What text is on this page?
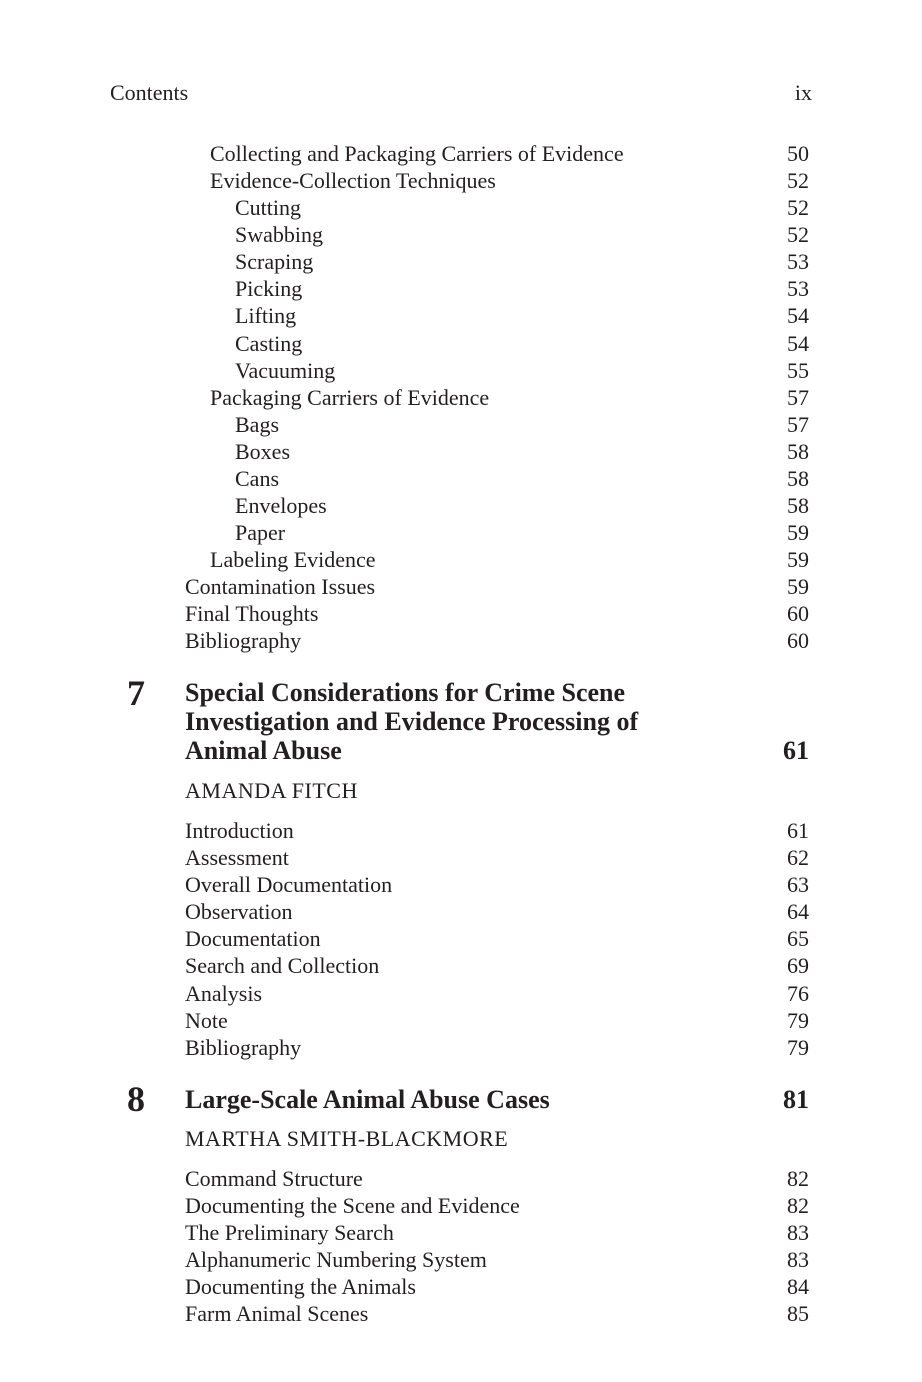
Contents	ix
Collecting and Packaging Carriers of Evidence	50
Evidence-Collection Techniques	52
Cutting	52
Swabbing	52
Scraping	53
Picking	53
Lifting	54
Casting	54
Vacuuming	55
Packaging Carriers of Evidence	57
Bags	57
Boxes	58
Cans	58
Envelopes	58
Paper	59
Labeling Evidence	59
Contamination Issues	59
Final Thoughts	60
Bibliography	60
7 Special Considerations for Crime Scene
Investigation and Evidence Processing of
Animal Abuse	61
AMANDA FITCH
Introduction	61
Assessment	62
Overall Documentation	63
Observation	64
Documentation	65
Search and Collection	69
Analysis	76
Note	79
Bibliography	79
8 Large-Scale Animal Abuse Cases	81
MARTHA SMITH-BLACKMORE
Command Structure	82
Documenting the Scene and Evidence	82
The Preliminary Search	83
Alphanumeric Numbering System	83
Documenting the Animals	84
Farm Animal Scenes	85
